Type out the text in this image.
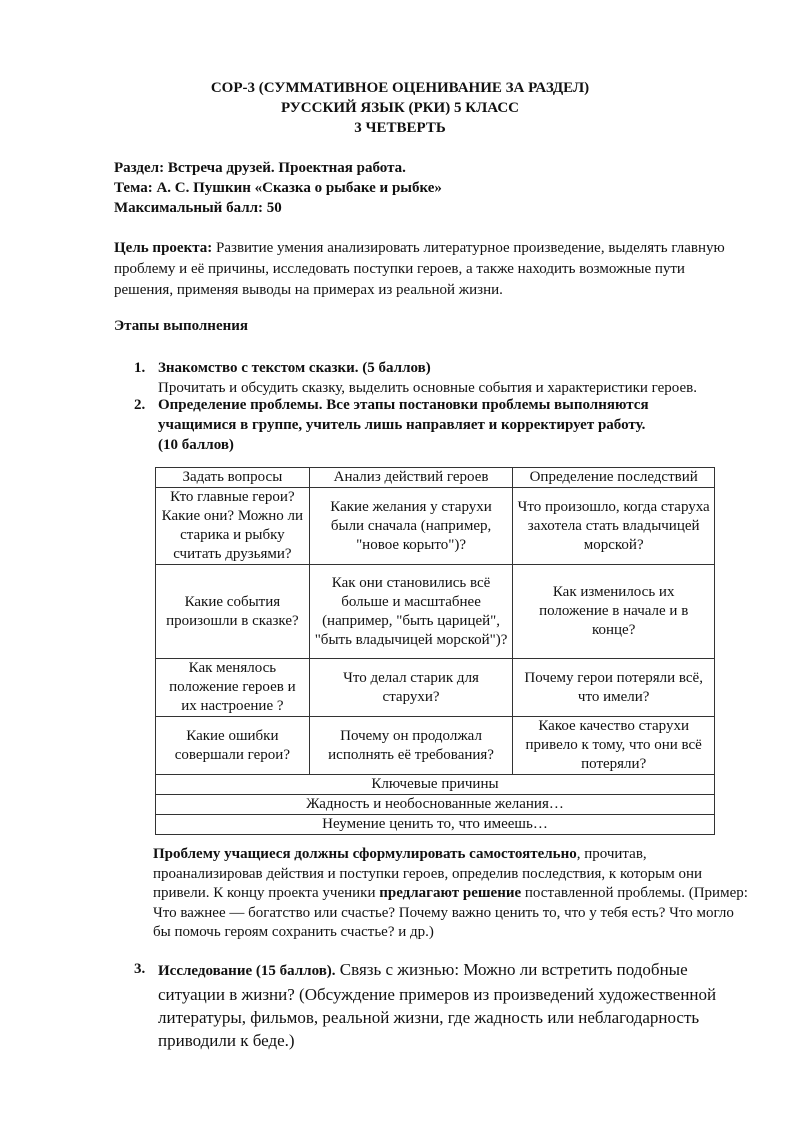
СОР-3 (СУММАТИВНОЕ ОЦЕНИВАНИЕ ЗА РАЗДЕЛ)
РУССКИЙ ЯЗЫК (РКИ) 5 КЛАСС
3 ЧЕТВЕРТЬ
Раздел: Встреча друзей. Проектная работа.
Тема: А. С. Пушкин «Сказка о рыбаке и рыбке»
Максимальный балл: 50
Цель проекта: Развитие умения анализировать литературное произведение, выделять главную проблему и её причины, исследовать поступки героев, а также находить возможные пути решения, применяя выводы на примерах из реальной жизни.
Этапы выполнения
1. Знакомство с текстом сказки. (5 баллов)
Прочитать и обсудить сказку, выделить основные события и характеристики героев.
2. Определение проблемы. Все этапы постановки проблемы выполняются учащимися в группе, учитель лишь направляет и корректирует работу.
(10 баллов)
Задать вопросы	Анализ действий героев	Определение последствий
Кто главные герои? Какие они? Можно ли старика и рыбку считать друзьями?	Какие желания у старухи были сначала (например, "новое корыто")?	Что произошло, когда старуха захотела стать владычицей морской?
Какие события произошли в сказке?	Как они становились всё больше и масштабнее (например, "быть царицей", "быть владычицей морской")?	Как изменилось их положение в начале и в конце?
Как менялось положение героев и их настроение ?	Что делал старик для старухи?	Почему герои потеряли всё, что имели?
Какие ошибки совершали герои?	Почему он продолжал исполнять её требования?	Какое качество старухи привело к тому, что они всё потеряли?
Ключевые причины		
Жадность и необоснованные желания…		
Неумение ценить то, что имеешь…		
Проблему учащиеся должны сформулировать самостоятельно, прочитав, проанализировав действия и поступки героев, определив последствия, к которым они привели. К концу проекта ученики предлагают решение поставленной проблемы. (Пример: Что важнее — богатство или счастье? Почему важно ценить то, что у тебя есть? Что могло бы помочь героям сохранить счастье? и др.)
3. Исследование (15 баллов). Связь с жизнью: Можно ли встретить подобные ситуации в жизни? (Обсуждение примеров из произведений художественной литературы, фильмов, реальной жизни, где жадность или неблагодарность приводили к беде.)
